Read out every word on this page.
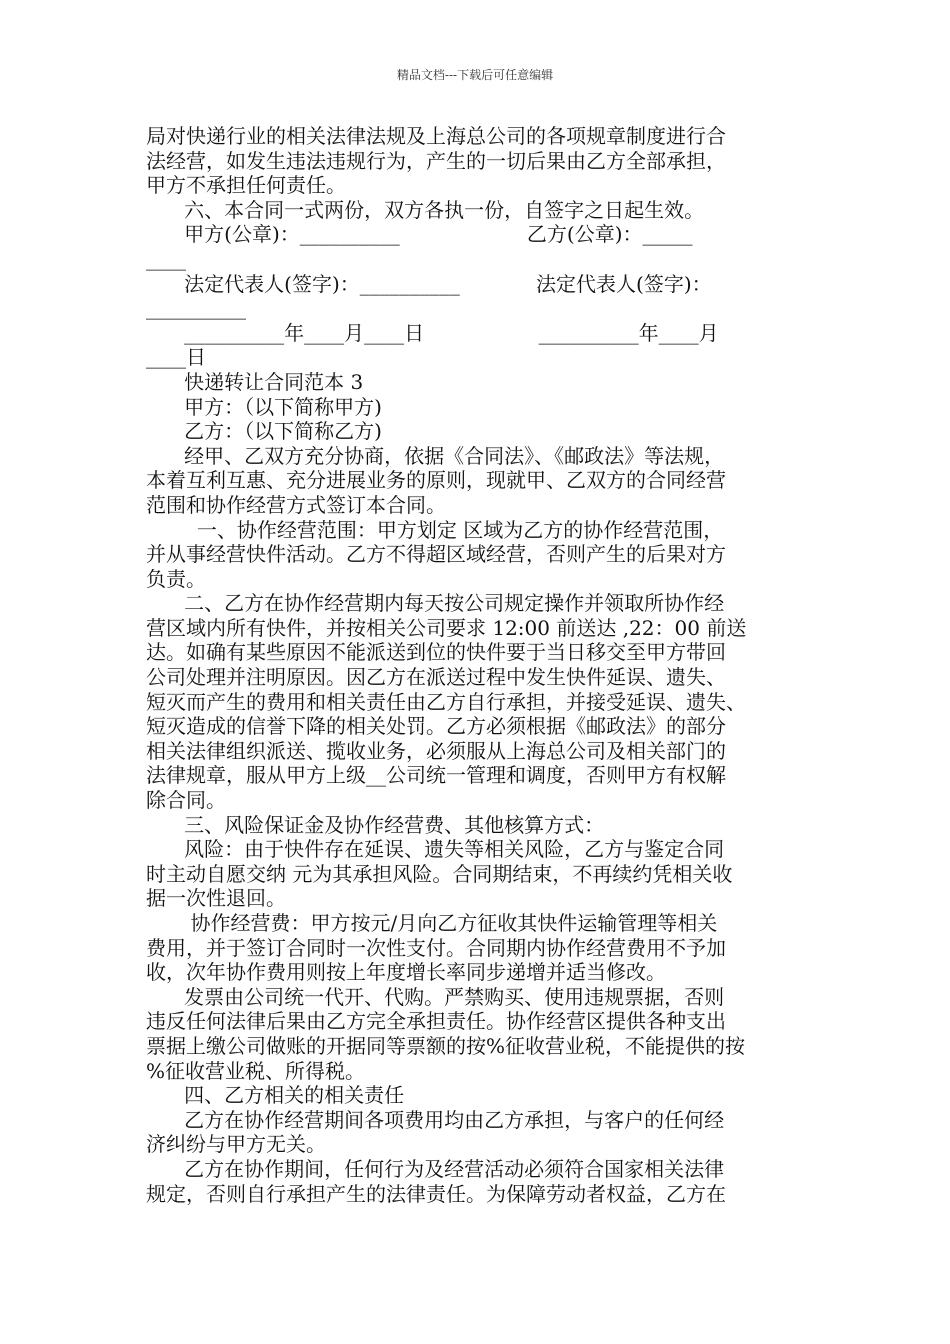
精品文档---下载后可任意编辑
局对快递行业的相关法律法规及上海总公司的各项规章制度进行合
法经营，如发生违法违规行为，产生的一切后果由乙方全部承担，
甲方不承担任何责任。
六、本合同一式两份，双方各执一份，自签字之日起生效。
甲方(公章)：__________                    乙方(公章)：_____
____
法定代表人(签字)：__________            法定代表人(签字)：
__________
__________年____月____日                  __________年____月
____日
快递转让合同范本 3
甲方：（以下简称甲方)
乙方：（以下简称乙方)
经甲、乙双方充分协商，依据《合同法》、《邮政法》等法规，
本着互利互惠、充分进展业务的原则，现就甲、乙双方的合同经营
范围和协作经营方式签订本合同。
一、协作经营范围：甲方划定 区域为乙方的协作经营范围，
并从事经营快件活动。乙方不得超区域经营，否则产生的后果对方
负责。
二、乙方在协作经营期内每天按公司规定操作并领取所协作经
营区域内所有快件，并按相关公司要求 12:00 前送达 ,22：00 前送
达。如确有某些原因不能派送到位的快件要于当日移交至甲方带回
公司处理并注明原因。因乙方在派送过程中发生快件延误、遗失、
短灭而产生的费用和相关责任由乙方自行承担，并接受延误、遗失、
短灭造成的信誉下降的相关处罚。乙方必须根据《邮政法》的部分
相关法律组织派送、揽收业务，必须服从上海总公司及相关部门的
法律规章，服从甲方上级__公司统一管理和调度，否则甲方有权解
除合同。
三、风险保证金及协作经营费、其他核算方式：
风险：由于快件存在延误、遗失等相关风险，乙方与鉴定合同
时主动自愿交纳 元为其承担风险。合同期结束，不再续约凭相关收
据一次性退回。
协作经营费：甲方按元/月向乙方征收其快件运输管理等相关
费用，并于签订合同时一次性支付。合同期内协作经营费用不予加
收，次年协作费用则按上年度增长率同步递增并适当修改。
发票由公司统一代开、代购。严禁购买、使用违规票据，否则
违反任何法律后果由乙方完全承担责任。协作经营区提供各种支出
票据上缴公司做账的开据同等票额的按%征收营业税，不能提供的按
%征收营业税、所得税。
四、乙方相关的相关责任
乙方在协作经营期间各项费用均由乙方承担，与客户的任何经
济纠纷与甲方无关。
乙方在协作期间，任何行为及经营活动必须符合国家相关法律
规定，否则自行承担产生的法律责任。为保障劳动者权益，乙方在
